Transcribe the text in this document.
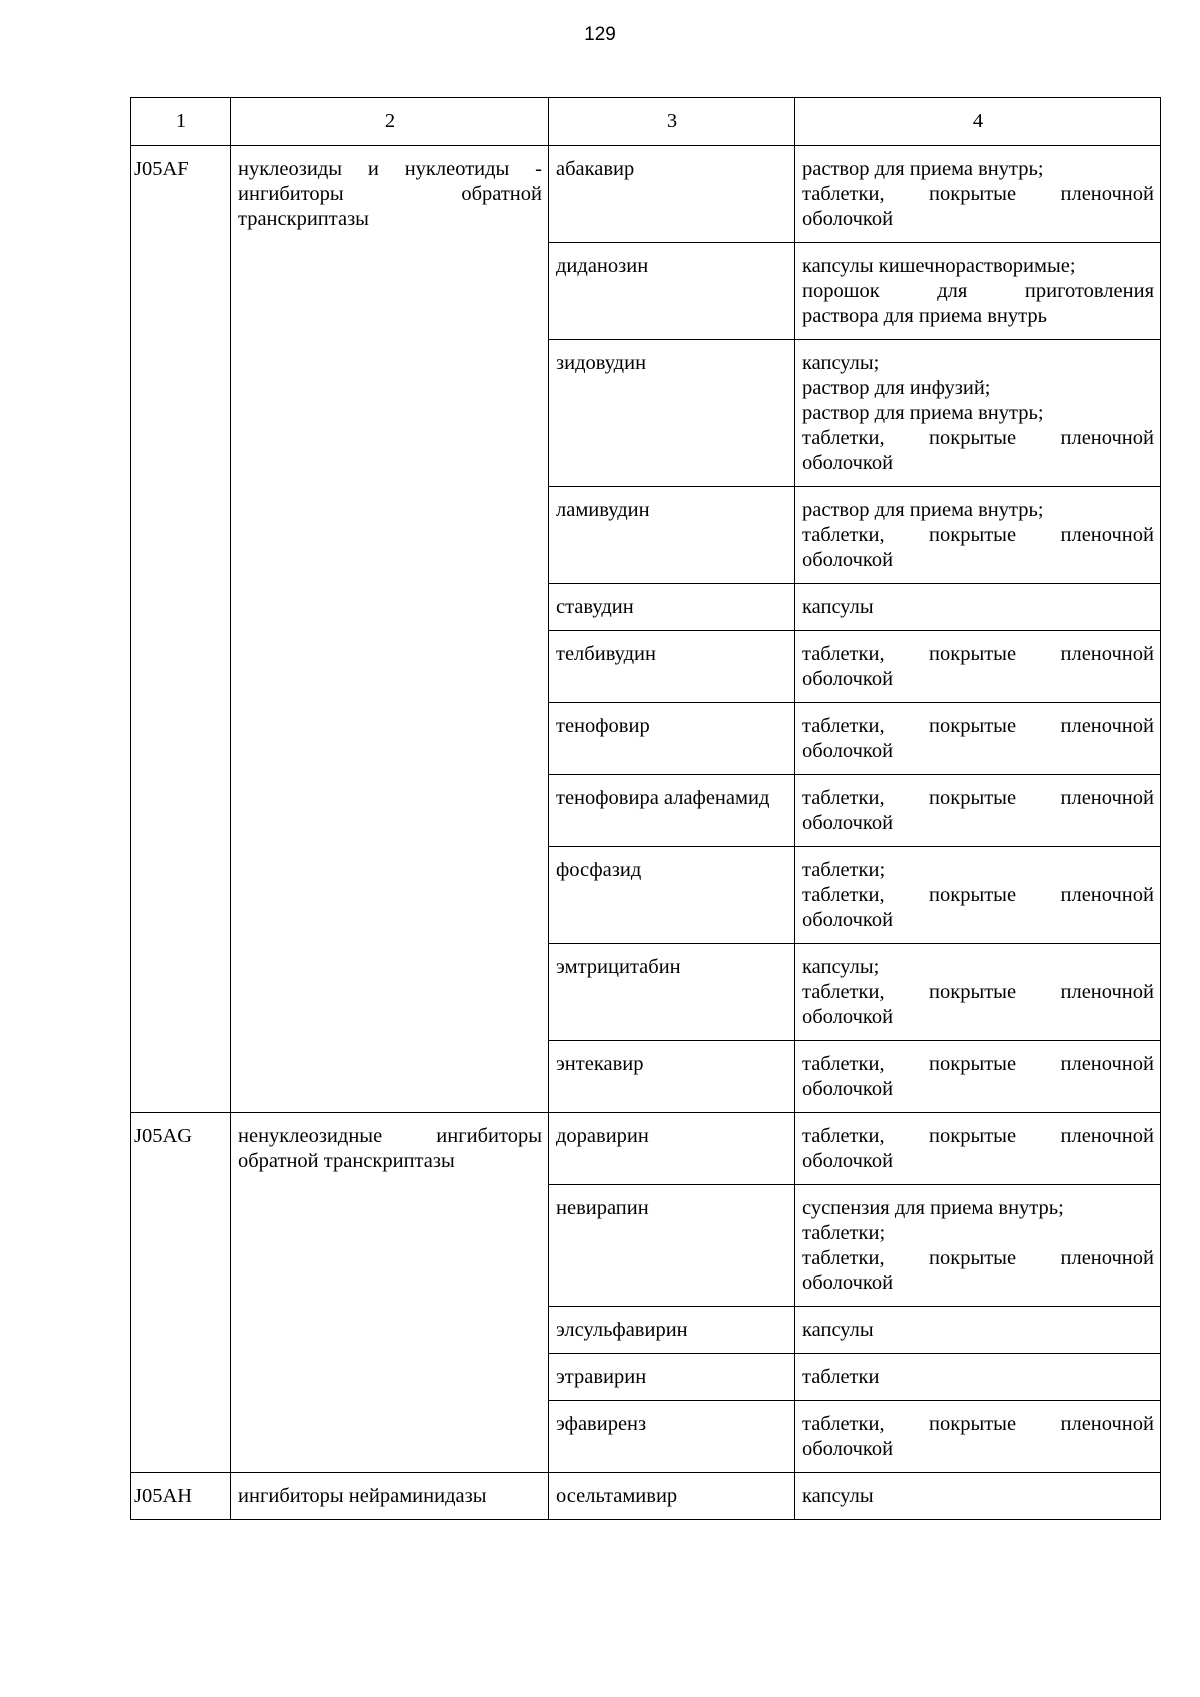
129
1	2	3	4
J05AF	нуклеозиды и нуклеотиды -
ингибиторы обратной
транскриптазы	абакавир	раствор для приема внутрь;
таблетки, покрытые пленочной
оболочкой

		диданозин	капсулы кишечнорастворимые;
порошок для приготовления
раствора для приема внутрь

		зидовудин	капсулы;
раствор для инфузий;
раствор для приема внутрь;
таблетки, покрытые пленочной
оболочкой

		ламивудин	раствор для приема внутрь;
таблетки, покрытые пленочной
оболочкой

		ставудин	капсулы

		телбивудин	таблетки, покрытые пленочной
оболочкой

		тенофовир	таблетки, покрытые пленочной
оболочкой

		тенофовира алафенамид	таблетки, покрытые пленочной
оболочкой

		фосфазид	таблетки;
таблетки, покрытые пленочной
оболочкой

		эмтрицитабин	капсулы;
таблетки, покрытые пленочной
оболочкой

		энтекавир	таблетки, покрытые пленочной
оболочкой

J05AG	ненуклеозидные ингибиторы
обратной транскриптазы	доравирин	таблетки, покрытые пленочной
оболочкой

		невирапин	суспензия для приема внутрь;
таблетки;
таблетки, покрытые пленочной
оболочкой

		элсульфавирин	капсулы

		этравирин	таблетки

		эфавиренз	таблетки, покрытые пленочной
оболочкой

J05AH	ингибиторы нейраминидазы	осельтамивир	капсулы
